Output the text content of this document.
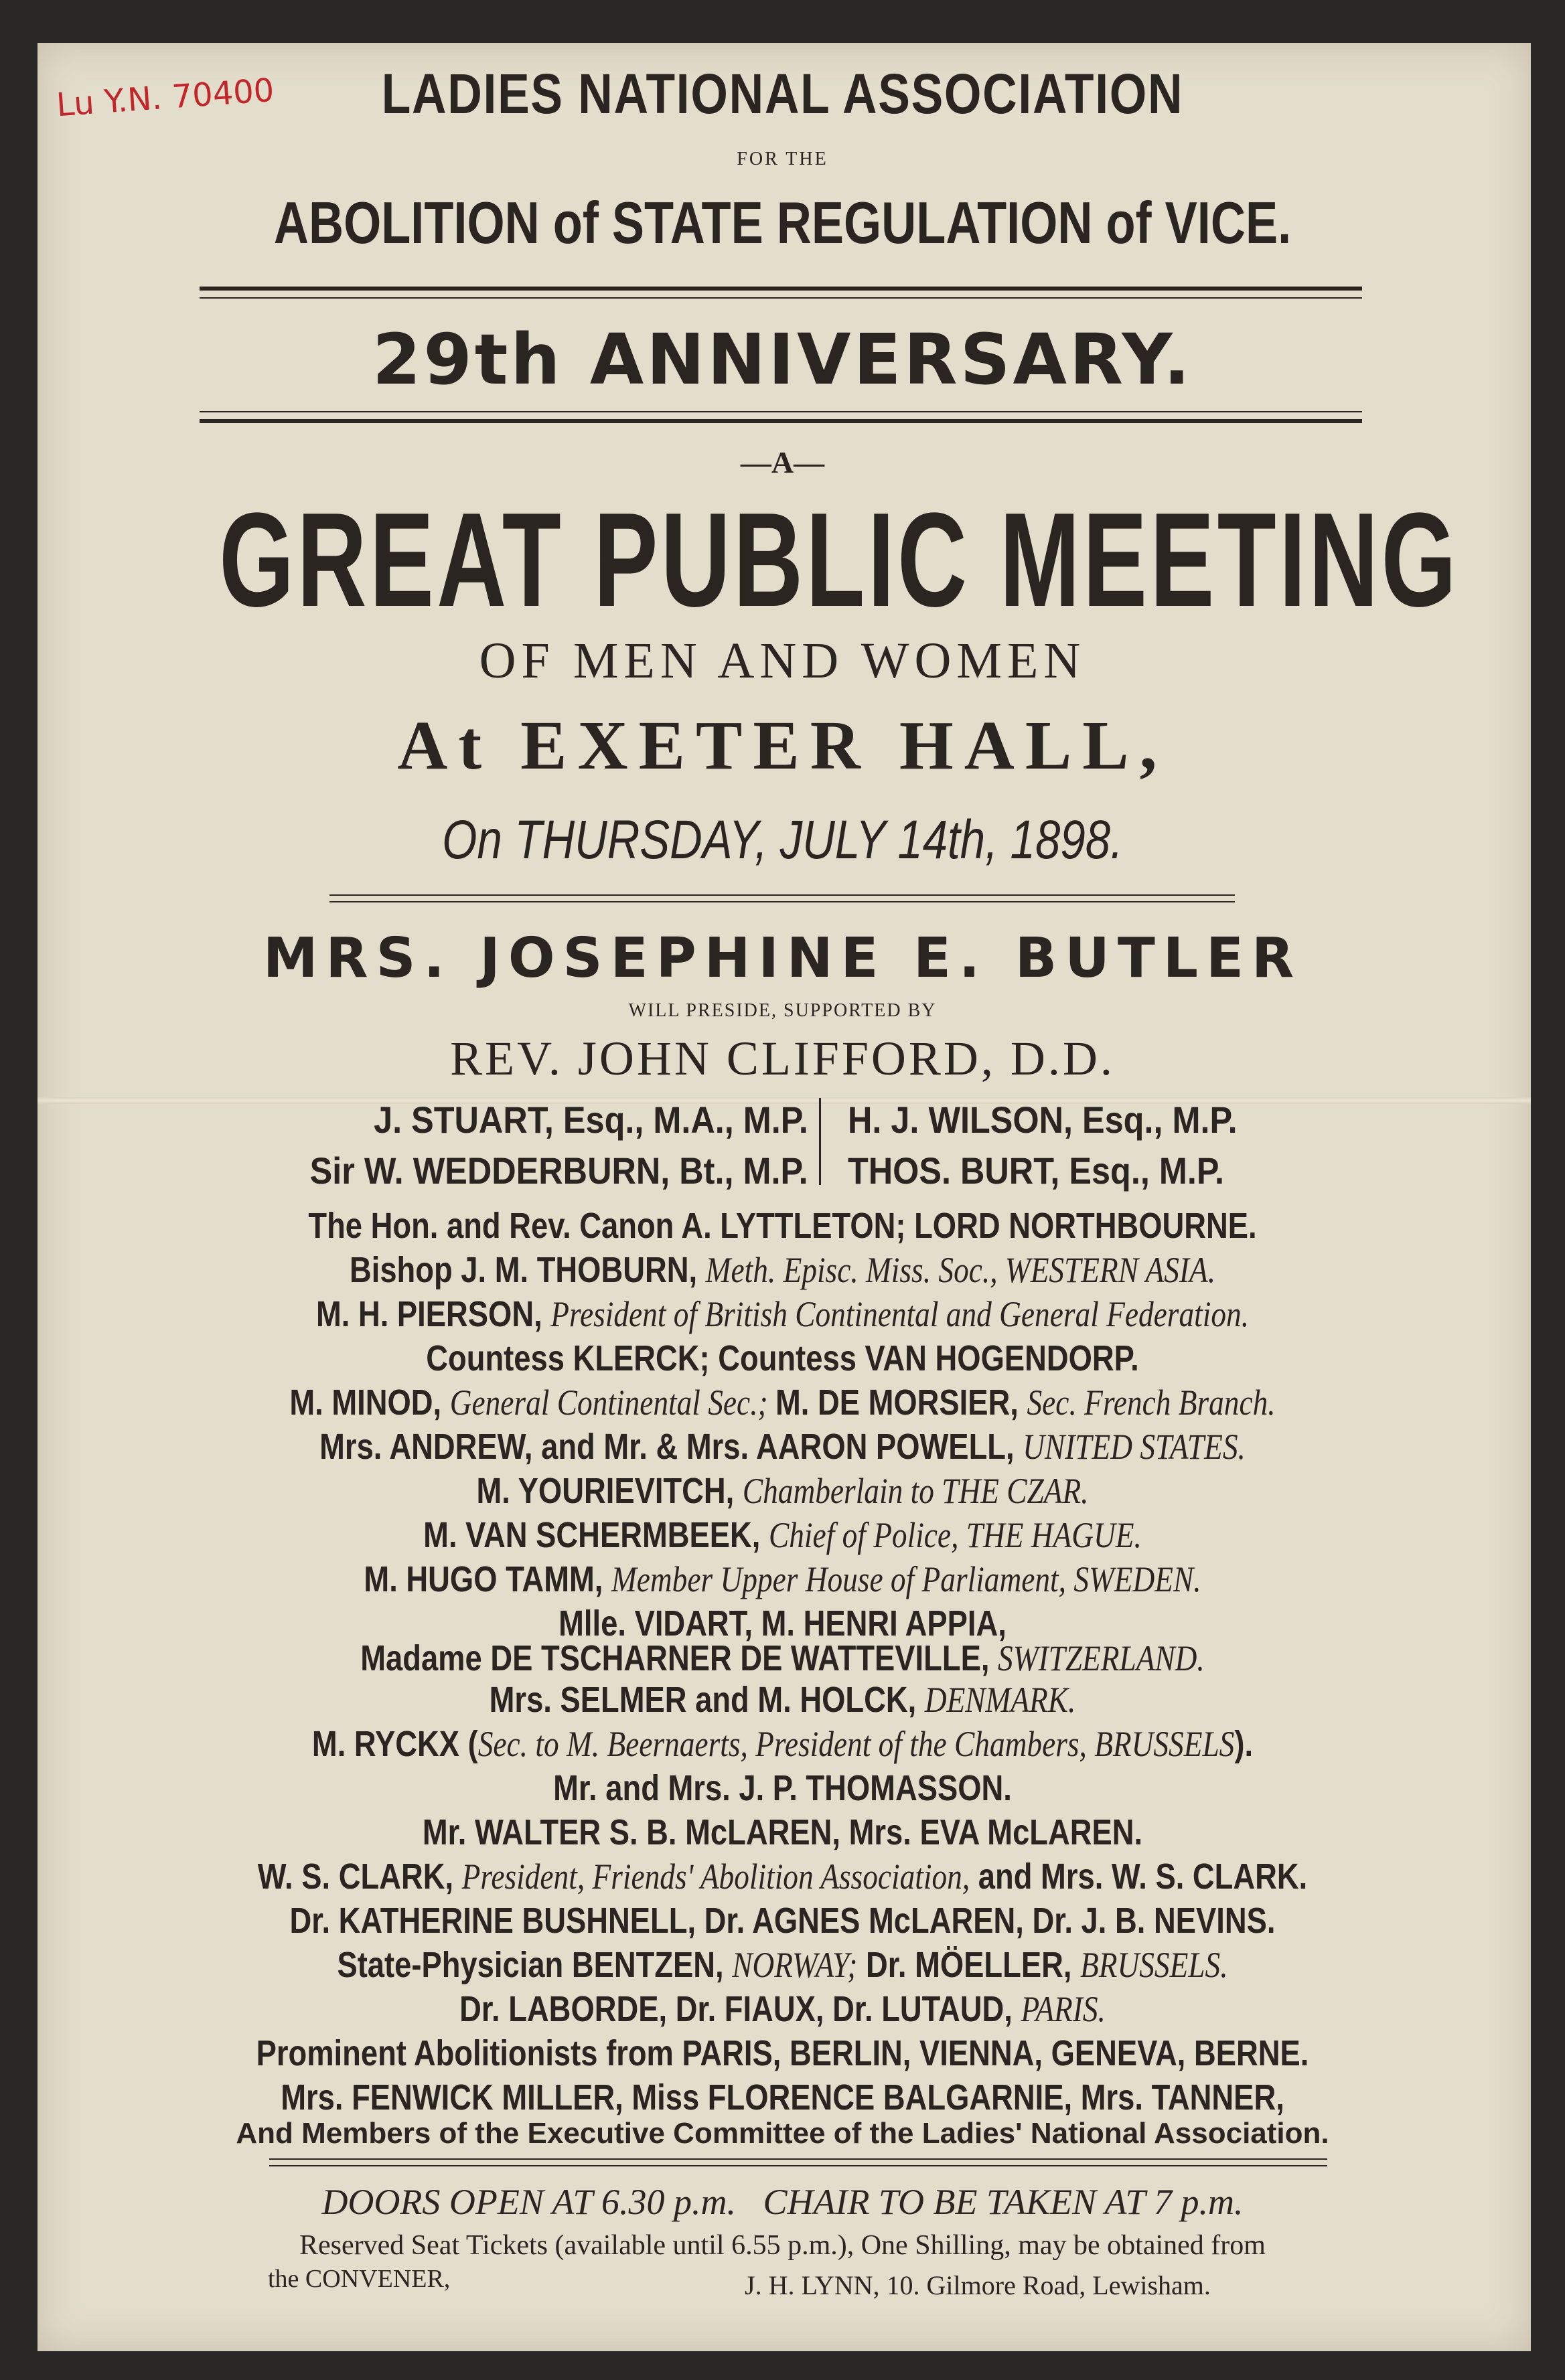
Lu Y.N. 70400	LADIES NATIONAL ASSOCIATION
FOR THE
ABOLITION of STATE REGULATION of VICE.
29th ANNIVERSARY.
—A—
GREAT PUBLIC MEETING
OF MEN AND WOMEN
At EXETER HALL,
On THURSDAY, JULY 14th, 1898.
MRS. JOSEPHINE E. BUTLER
WILL PRESIDE, SUPPORTED BY
REV. JOHN CLIFFORD, D.D.
J. STUART, Esq., M.A., M.P. H. J. WILSON, Esq., M.P.
Sir W. WEDDERBURN, Bt., M.P. THOS. BURT, Esq., M.P.
The Hon. and Rev. Canon A. LYTTLETON; LORD NORTHBOURNE.
Bishop J. M. THOBURN, Meth. Episc. Miss. Soc., WESTERN ASIA.
M. H. PIERSON, President of British Continental and General Federation.
Countess KLERCK; Countess VAN HOGENDORP.
M. MINOD, General Continental Sec.; M. DE MORSIER, Sec. French Branch.
Mrs. ANDREW, and Mr. & Mrs. AARON POWELL, UNITED STATES.
M. YOURIEVITCH, Chamberlain to THE CZAR.
M. VAN SCHERMBEEK, Chief of Police, THE HAGUE.
M. HUGO TAMM, Member Upper House of Parliament, SWEDEN.
Mlle. VIDART, M. HENRI APPIA,
Madame DE TSCHARNER DE WATTEVILLE, SWITZERLAND.
Mrs. SELMER and M. HOLCK, DENMARK.
M. RYCKX (Sec. to M. Beernaerts, President of the Chambers, BRUSSELS).
Mr. and Mrs. J. P. THOMASSON.
Mr. WALTER S. B. McLAREN, Mrs. EVA McLAREN.
W. S. CLARK, President, Friends' Abolition Association, and Mrs. W. S. CLARK.
Dr. KATHERINE BUSHNELL, Dr. AGNES McLAREN, Dr. J. B. NEVINS.
State-Physician BENTZEN, NORWAY; Dr. MÖELLER, BRUSSELS.
Dr. LABORDE, Dr. FIAUX, Dr. LUTAUD, PARIS.
Prominent Abolitionists from PARIS, BERLIN, VIENNA, GENEVA, BERNE.
Mrs. FENWICK MILLER, Miss FLORENCE BALGARNIE, Mrs. TANNER,
And Members of the Executive Committee of the Ladies' National Association.
DOORS OPEN AT 6.30 p.m.   CHAIR TO BE TAKEN AT 7 p.m.
Reserved Seat Tickets (available until 6.55 p.m.), One Shilling, may be obtained from
the CONVENER,	J. H. LYNN, 10. Gilmore Road, Lewisham.
